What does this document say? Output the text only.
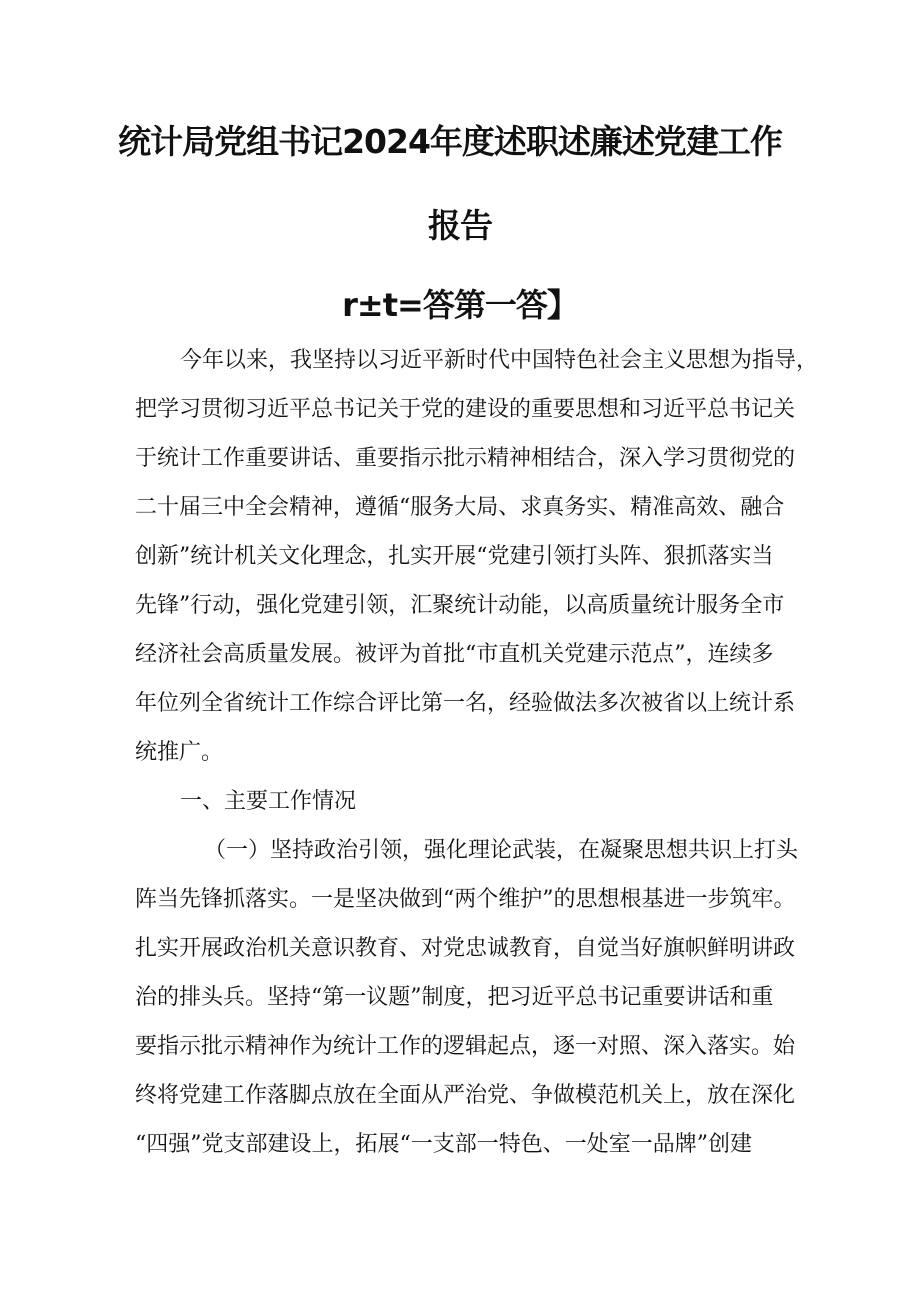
统计局党组书记2024年度述职述廉述党建工作
报告
r±t=答第一答】
今年以来，我坚持以习近平新时代中国特色社会主义思想为指导，
把学习贯彻习近平总书记关于党的建设的重要思想和习近平总书记关
于统计工作重要讲话、重要指示批示精神相结合，深入学习贯彻党的
二十届三中全会精神，遵循“服务大局、求真务实、精准高效、融合
创新”统计机关文化理念，扎实开展“党建引领打头阵、狠抓落实当
先锋”行动，强化党建引领，汇聚统计动能，以高质量统计服务全市
经济社会高质量发展。被评为首批“市直机关党建示范点”，连续多
年位列全省统计工作综合评比第一名，经验做法多次被省以上统计系
统推广。
一、主要工作情况
（一）坚持政治引领，强化理论武装，在凝聚思想共识上打头
阵当先锋抓落实。一是坚决做到“两个维护”的思想根基进一步筑牢。
扎实开展政治机关意识教育、对党忠诚教育，自觉当好旗帜鲜明讲政
治的排头兵。坚持“第一议题”制度，把习近平总书记重要讲话和重
要指示批示精神作为统计工作的逻辑起点，逐一对照、深入落实。始
终将党建工作落脚点放在全面从严治党、争做模范机关上，放在深化
“四强”党支部建设上，拓展“一支部一特色、一处室一品牌”创建
